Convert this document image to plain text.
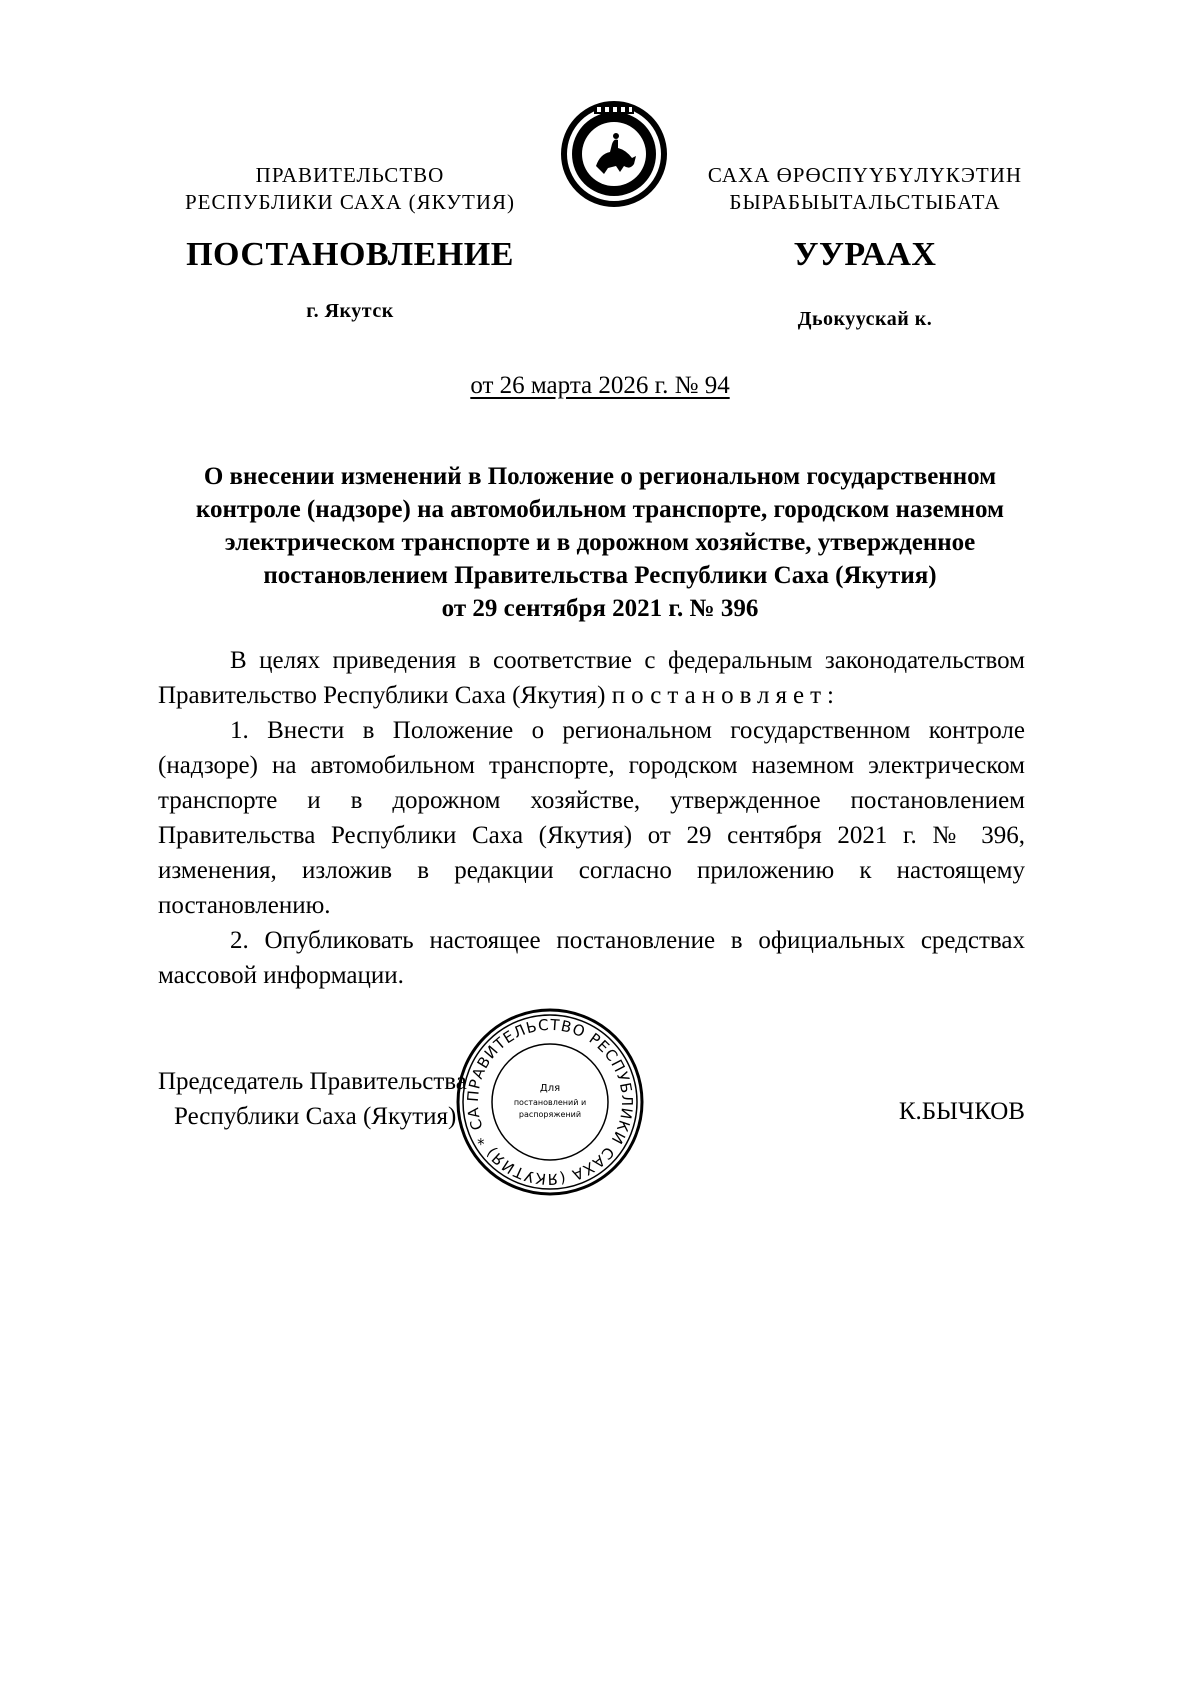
ПРАВИТЕЛЬСТВО
РЕСПУБЛИКИ САХА (ЯКУТИЯ)
САХА ӨРӨСПҮҮБҮЛҮКЭТИН
БЫРАБЫЫТАЛЬСТЫБАТА
ПОСТАНОВЛЕНИЕ	УУРААХ
г. Якутск	Дьокуускай к.
от 26 марта 2026 г. № 94
О внесении изменений в Положение о региональном государственном
контроле (надзоре) на автомобильном транспорте, городском наземном
электрическом транспорте и в дорожном хозяйстве, утвержденное
постановлением Правительства Республики Саха (Якутия)
от 29 сентября 2021 г. № 396

В целях приведения в соответствие с федеральным законодательством Правительство Республики Саха (Якутия) постановляет:

1. Внести в Положение о региональном государственном контроле (надзоре) на автомобильном транспорте, городском наземном электрическом транспорте и в дорожном хозяйстве, утвержденное постановлением Правительства Республики Саха (Якутия) от 29 сентября 2021 г. № 396, изменения, изложив в редакции согласно приложению к настоящему постановлению.

2. Опубликовать настоящее постановление в официальных средствах массовой информации.

Председатель Правительства
Республики Саха (Якутия)	К.БЫЧКОВ
ПРАВИТЕЛЬСТВО РЕСПУБЛИКИ САХА (ЯКУТИЯ) * СА
Для
постановлений и
распоряжений
